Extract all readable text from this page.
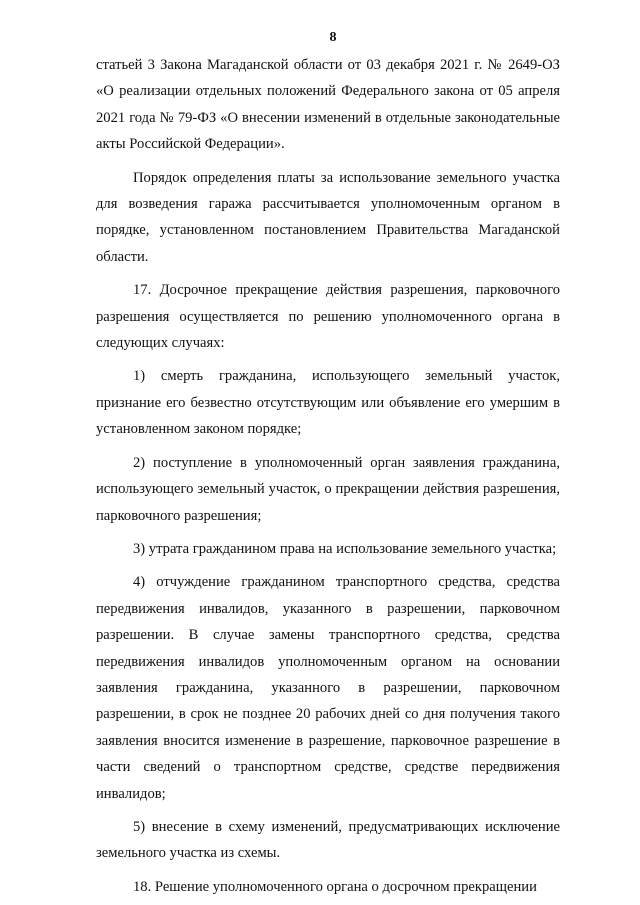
8

статьей 3 Закона Магаданской области от 03 декабря 2021 г. № 2649-ОЗ «О реализации отдельных положений Федерального закона от 05 апреля 2021 года № 79-ФЗ «О внесении изменений в отдельные законодательные акты Российской Федерации».

Порядок определения платы за использование земельного участка для возведения гаража рассчитывается уполномоченным органом в порядке, установленном постановлением Правительства Магаданской области.

17. Досрочное прекращение действия разрешения, парковочного разрешения осуществляется по решению уполномоченного органа в следующих случаях:

1) смерть гражданина, использующего земельный участок, признание его безвестно отсутствующим или объявление его умершим в установленном законом порядке;

2) поступление в уполномоченный орган заявления гражданина, использующего земельный участок, о прекращении действия разрешения, парковочного разрешения;

3) утрата гражданином права на использование земельного участка;

4) отчуждение гражданином транспортного средства, средства передвижения инвалидов, указанного в разрешении, парковочном разрешении. В случае замены транспортного средства, средства передвижения инвалидов уполномоченным органом на основании заявления гражданина, указанного в разрешении, парковочном разрешении, в срок не позднее 20 рабочих дней со дня получения такого заявления вносится изменение в разрешение, парковочное разрешение в части сведений о транспортном средстве, средстве передвижения инвалидов;

5) внесение в схему изменений, предусматривающих исключение земельного участка из схемы.

18. Решение уполномоченного органа о досрочном прекращении
